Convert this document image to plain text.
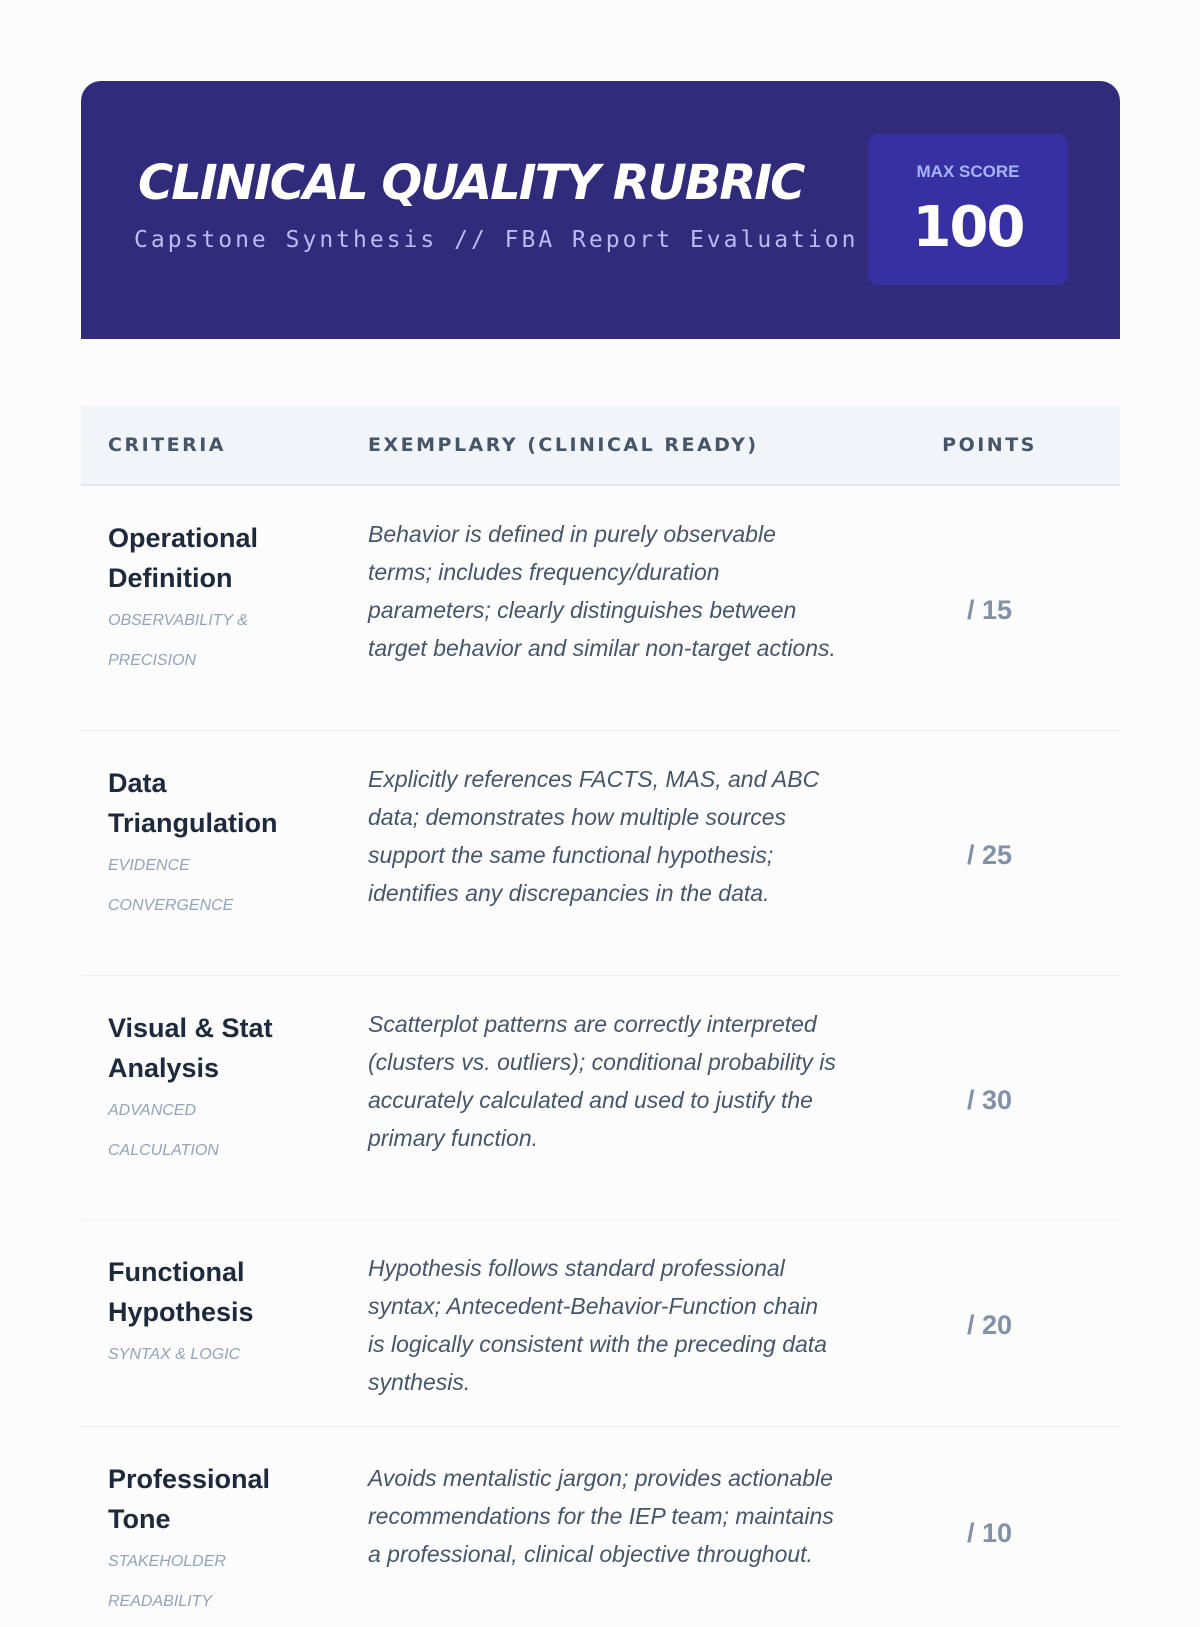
CLINICAL QUALITY RUBRIC
Capstone Synthesis // FBA Report Evaluation
MAX SCORE
100
CRITERIA	EXEMPLARY (CLINICAL READY)	POINTS
Operational Definition
OBSERVABILITY & PRECISION
Behavior is defined in purely observable terms; includes frequency/duration parameters; clearly distinguishes between target behavior and similar non-target actions.
/ 15
Data Triangulation
EVIDENCE CONVERGENCE
Explicitly references FACTS, MAS, and ABC data; demonstrates how multiple sources support the same functional hypothesis; identifies any discrepancies in the data.
/ 25
Visual & Stat Analysis
ADVANCED CALCULATION
Scatterplot patterns are correctly interpreted (clusters vs. outliers); conditional probability is accurately calculated and used to justify the primary function.
/ 30
Functional Hypothesis
SYNTAX & LOGIC
Hypothesis follows standard professional syntax; Antecedent-Behavior-Function chain is logically consistent with the preceding data synthesis.
/ 20
Professional Tone
STAKEHOLDER READABILITY
Avoids mentalistic jargon; provides actionable recommendations for the IEP team; maintains a professional, clinical objective throughout.
/ 10
